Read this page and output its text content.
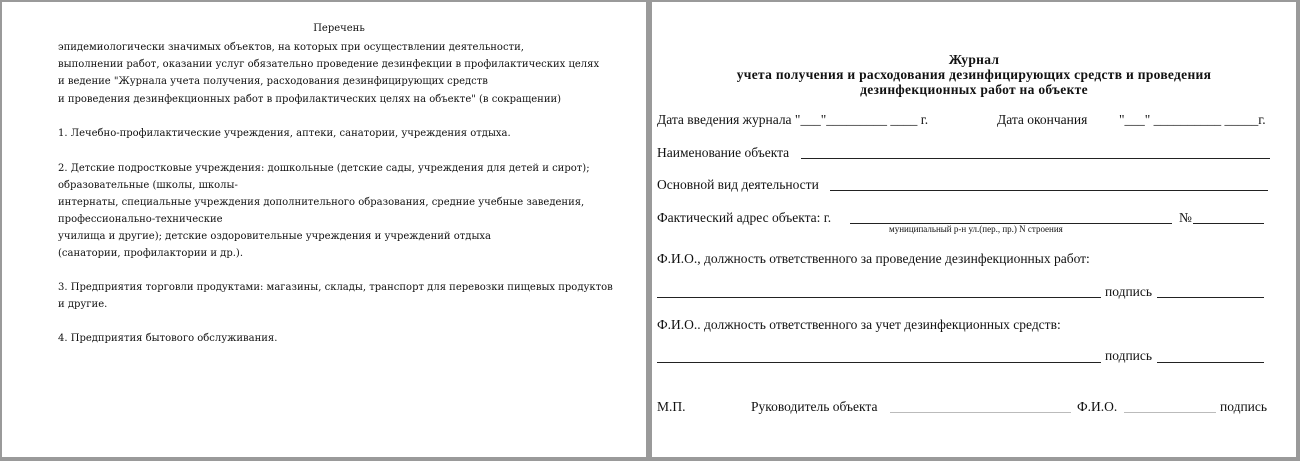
Перечень
эпидемиологически значимых объектов, на которых при осуществлении деятельности,
выполнении работ, оказании услуг обязательно проведение дезинфекции в профилактических целях
и ведение "Журнала учета получения, расходования дезинфицирующих средств
и проведения дезинфекционных работ в профилактических целях на объекте" (в сокращении)
1. Лечебно-профилактические учреждения, аптеки, санатории, учреждения отдыха.
2. Детские подростковые учреждения: дошкольные (детские сады, учреждения для детей и сирот);
образовательные (школы, школы-
интернаты, специальные учреждения дополнительного образования, средние учебные заведения,
профессионально-технические
училища и другие); детские оздоровительные учреждения и учреждений отдыха
(санатории, профилактории и др.).
3. Предприятия торговли продуктами: магазины, склады, транспорт для перевозки пищевых продуктов
и другие.
4. Предприятия бытового обслуживания.
Журнал
учета получения и расходования дезинфицирующих средств и проведения
дезинфекционных работ на объекте
Дата введения журнала "___"_________ ____ г.	Дата окончания "___" __________ _____г.
Наименование объекта
Основной вид деятельности
Фактический адрес объекта: г.	№
муниципальный р-н ул.(пер., пр.) N строения
Ф.И.О., должность ответственного за проведение дезинфекционных работ:
подпись
Ф.И.О.. должность ответственного за учет дезинфекционных средств:
подпись
М.П.	Руководитель объекта	Ф.И.О.	подпись
